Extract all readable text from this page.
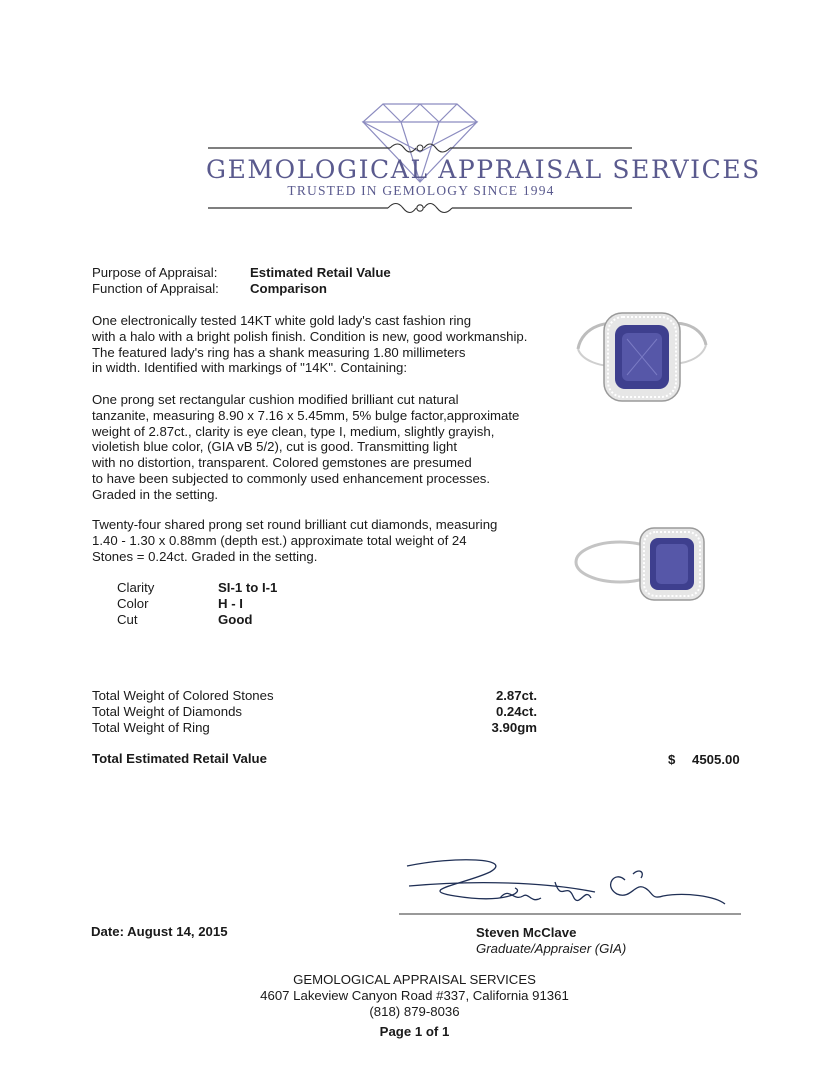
GEMOLOGICAL APPRAISAL SERVICES
TRUSTED IN GEMOLOGY SINCE 1994
Purpose of Appraisal: Estimated Retail Value
Function of Appraisal: Comparison
One electronically tested 14KT white gold lady's cast fashion ring
with a halo with a bright polish finish. Condition is new, good workmanship.
The featured lady's ring has a shank measuring 1.80 millimeters
in width. Identified with markings of "14K". Containing:
One prong set rectangular cushion modified brilliant cut natural
tanzanite, measuring 8.90 x 7.16 x 5.45mm, 5% bulge factor,approximate
weight of 2.87ct., clarity is eye clean, type I, medium, slightly grayish,
violetish blue color, (GIA vB 5/2), cut is good. Transmitting light
with no distortion, transparent. Colored gemstones are presumed
to have been subjected to commonly used enhancement processes.
Graded in the setting.
Twenty-four shared prong set round brilliant cut diamonds, measuring
1.40 - 1.30 x 0.88mm (depth est.) approximate total weight of 24
Stones = 0.24ct. Graded in the setting.
Clarity	SI-1 to I-1
Color	H - I
Cut	Good
Total Weight of Colored Stones	2.87ct.
Total Weight of Diamonds	0.24ct.
Total Weight of Ring	3.90gm
Total Estimated Retail Value	$ 4505.00
Date: August 14, 2015	Steven McClave
Graduate/Appraiser (GIA)
GEMOLOGICAL APPRAISAL SERVICES
4607 Lakeview Canyon Road #337, California 91361
(818) 879-8036
Page 1 of 1
